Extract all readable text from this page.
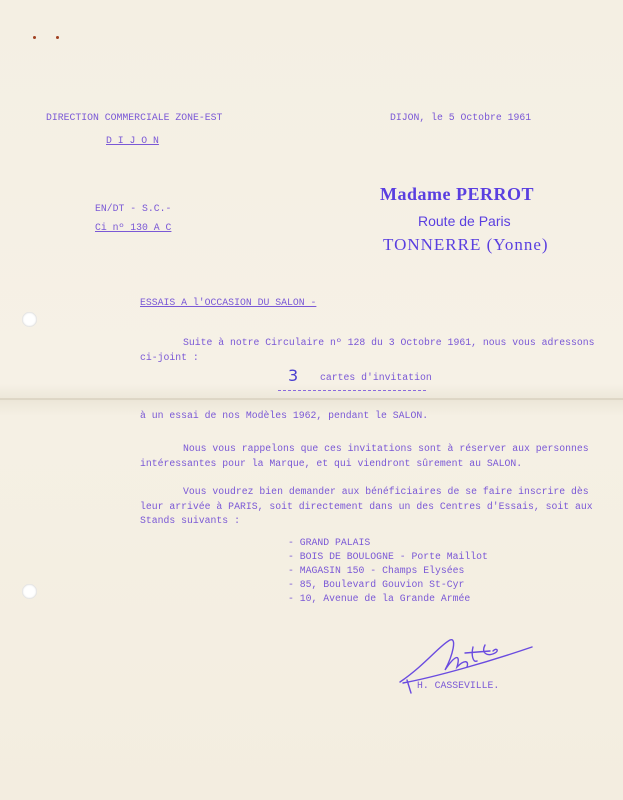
DIRECTION COMMERCIALE ZONE-EST
D I J O N
DIJON, le 5 Octobre 1961
EN/DT - S.C.-
Ci nº 130 A C
Madame PERROT
Route de Paris
TONNERRE (Yonne)
ESSAIS A l'OCCASION DU SALON -
Suite à notre Circulaire nº 128 du 3 Octobre 1961, nous vous adressons
ci-joint :
3 cartes d'invitation
à un essai de nos Modèles 1962, pendant le SALON.
Nous vous rappelons que ces invitations sont à réserver aux personnes
intéressantes pour la Marque, et qui viendront sûrement au SALON.
Vous voudrez bien demander aux bénéficiaires de se faire inscrire dès
leur arrivée à PARIS, soit directement dans un des Centres d'Essais, soit aux
Stands suivants :
- GRAND PALAIS
- BOIS DE BOULOGNE - Porte Maillot
- MAGASIN 150 - Champs Elysées
- 85, Boulevard Gouvion St-Cyr
- 10, Avenue de la Grande Armée
H. CASSEVILLE.
